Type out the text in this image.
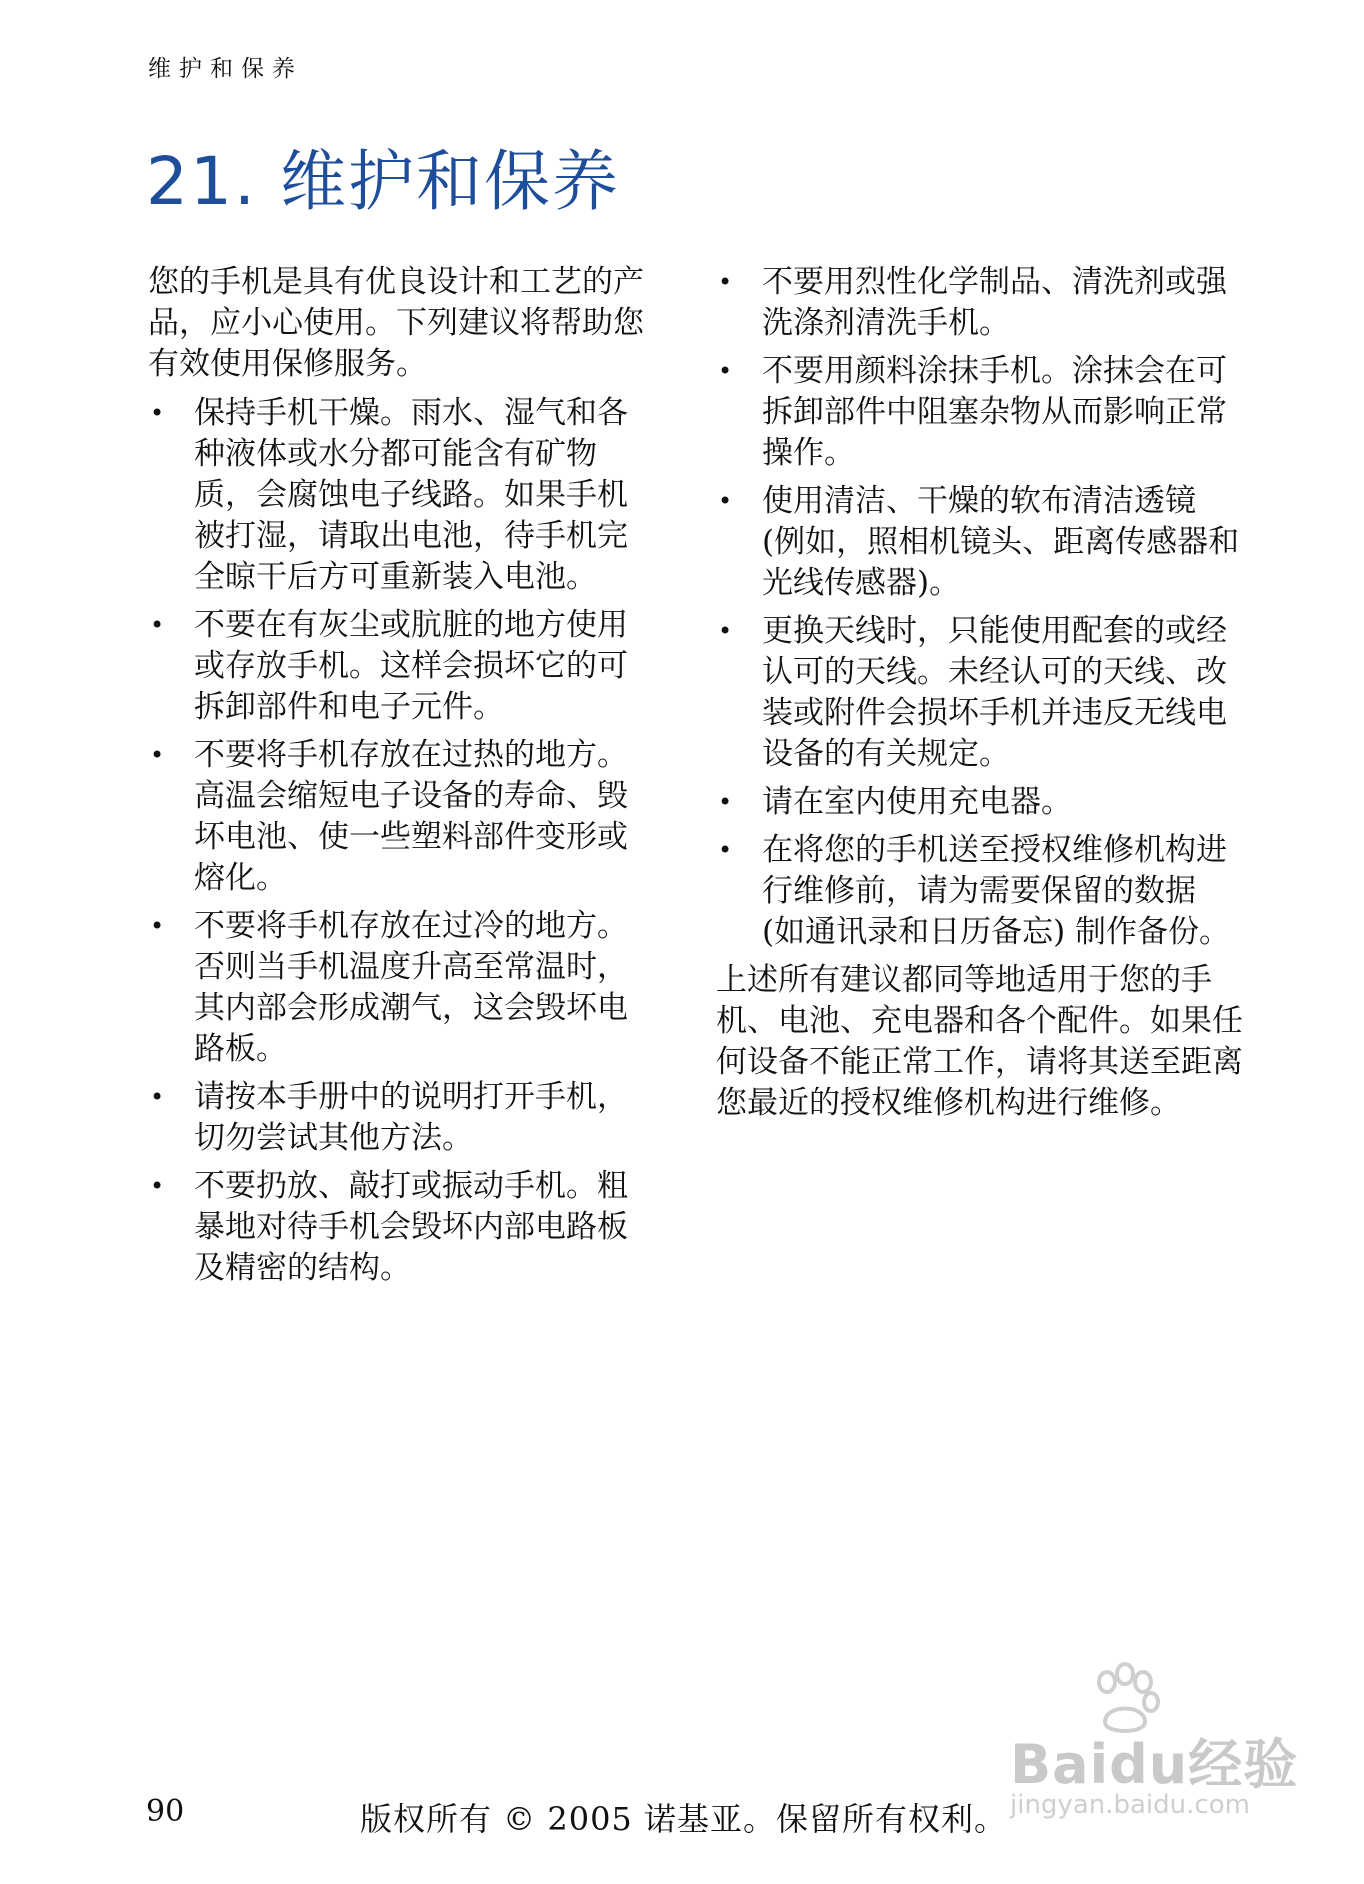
维护和保养
21. 维护和保养

您的手机是具有优良设计和工艺的产品，应小心使用。下列建议将帮助您有效使用保修服务。

• 保持手机干燥。雨水、湿气和各种液体或水分都可能含有矿物质，会腐蚀电子线路。如果手机被打湿，请取出电池，待手机完全晾干后方可重新装入电池。
• 不要在有灰尘或肮脏的地方使用或存放手机。这样会损坏它的可拆卸部件和电子元件。
• 不要将手机存放在过热的地方。高温会缩短电子设备的寿命、毁坏电池、使一些塑料部件变形或熔化。
• 不要将手机存放在过冷的地方。否则当手机温度升高至常温时，其内部会形成潮气，这会毁坏电路板。
• 请按本手册中的说明打开手机，切勿尝试其他方法。
• 不要扔放、敲打或振动手机。粗暴地对待手机会毁坏内部电路板及精密的结构。
• 不要用烈性化学制品、清洗剂或强洗涤剂清洗手机。
• 不要用颜料涂抹手机。涂抹会在可拆卸部件中阻塞杂物从而影响正常操作。
• 使用清洁、干燥的软布清洁透镜 (例如，照相机镜头、距离传感器和光线传感器)。
• 更换天线时，只能使用配套的或经认可的天线。未经认可的天线、改装或附件会损坏手机并违反无线电设备的有关规定。
• 请在室内使用充电器。
• 在将您的手机送至授权维修机构进行维修前，请为需要保留的数据 (如通讯录和日历备忘) 制作备份。

上述所有建议都同等地适用于您的手机、电池、充电器和各个配件。如果任何设备不能正常工作，请将其送至距离您最近的授权维修机构进行维修。

Baidu经验
jingyan.baidu.com
90	版权所有 © 2005 诺基亚。保留所有权利。
